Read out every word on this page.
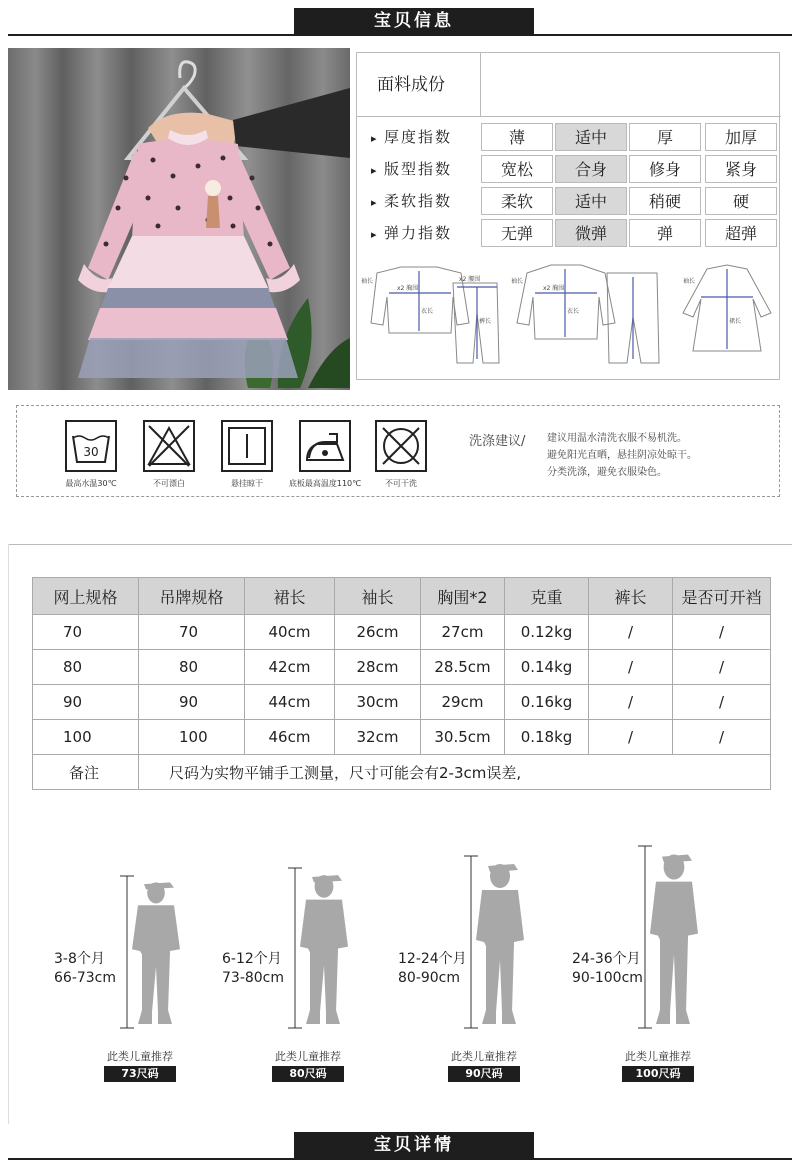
宝贝信息
面料成份
▸ 厚度指数	薄	适中	厚	加厚
▸ 版型指数	宽松	合身	修身	紧身
▸ 柔软指数	柔软	适中	稍硬	硬
▸ 弹力指数	无弹	微弹	弹	超弹
袖长
x2 胸围
衣长
x2 腰围
裤长
袖长
x2 胸围
衣长
袖长
裙长
30
最高水温30℃	不可漂白	悬挂晾干	底板最高温度110℃	不可干洗
洗涤建议/ 建议用温水清洗衣服不易机洗。
避免阳光直晒，悬挂阴凉处晾干。
分类洗涤，避免衣服染色。
网上规格	吊牌规格	裙长	袖长	胸围*2	克重	裤长	是否可开裆
70	70	40cm	26cm	27cm	0.12kg	/	/
80	80	42cm	28cm	28.5cm	0.14kg	/	/
90	90	44cm	30cm	29cm	0.16kg	/	/
100	100	46cm	32cm	30.5cm	0.18kg	/	/
备注	尺码为实物平铺手工测量，尺寸可能会有2-3cm误差,						
3-8个月
66-73cm
此类儿童推荐
73尺码
6-12个月
73-80cm
此类儿童推荐
80尺码
12-24个月
80-90cm
此类儿童推荐
90尺码
24-36个月
90-100cm
此类儿童推荐
100尺码
宝贝详情
